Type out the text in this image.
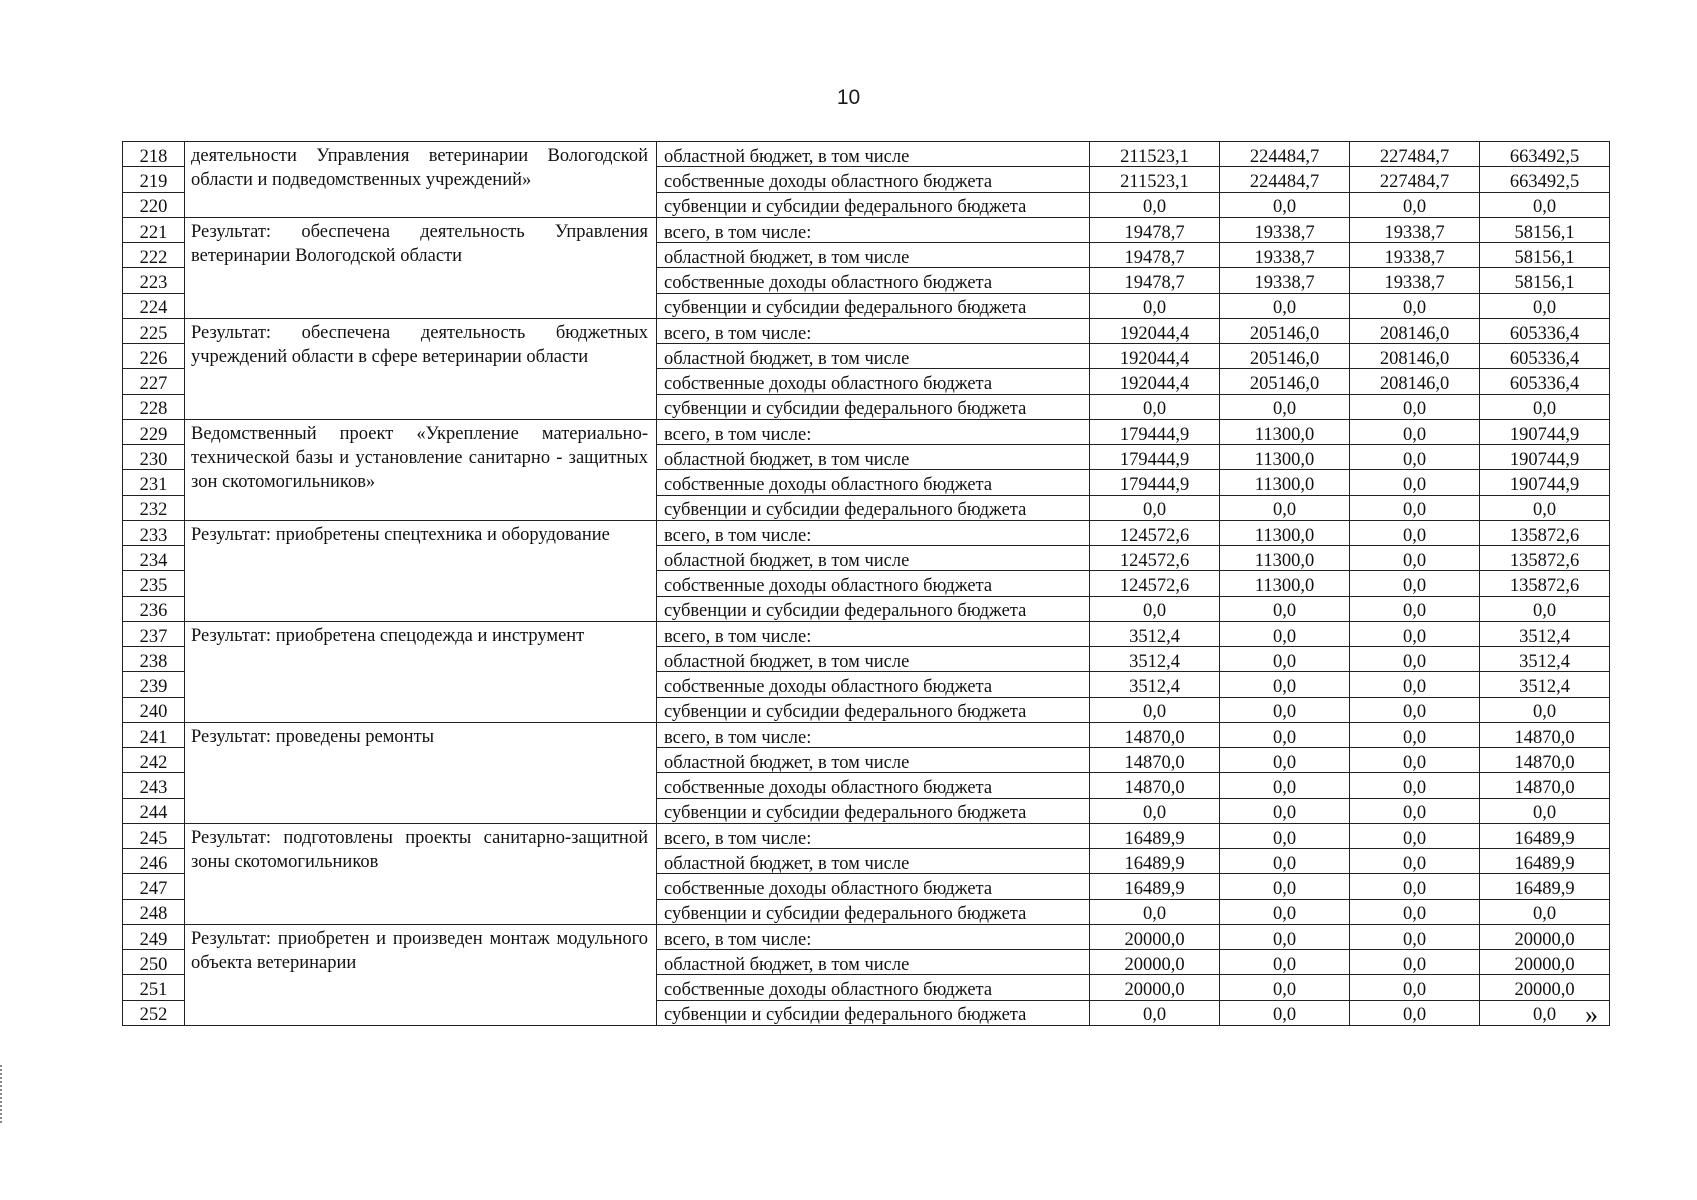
10
218	деятельности Управления ветеринарии Вологодской области и подведомственных учреждений»	областной бюджет, в том числе	211523,1	224484,7	227484,7	663492,5
219		собственные доходы областного бюджета	211523,1	224484,7	227484,7	663492,5
220		субвенции и субсидии федерального бюджета	0,0	0,0	0,0	0,0
221	Результат: обеспечена деятельность Управления ветеринарии Вологодской области	всего, в том числе:	19478,7	19338,7	19338,7	58156,1
222		областной бюджет, в том числе	19478,7	19338,7	19338,7	58156,1
223		собственные доходы областного бюджета	19478,7	19338,7	19338,7	58156,1
224		субвенции и субсидии федерального бюджета	0,0	0,0	0,0	0,0
225	Результат: обеспечена деятельность бюджетных учреждений области в сфере ветеринарии области	всего, в том числе:	192044,4	205146,0	208146,0	605336,4
226		областной бюджет, в том числе	192044,4	205146,0	208146,0	605336,4
227		собственные доходы областного бюджета	192044,4	205146,0	208146,0	605336,4
228		субвенции и субсидии федерального бюджета	0,0	0,0	0,0	0,0
229	Ведомственный проект «Укрепление материально-технической базы и установление санитарно - защитных зон скотомогильников»	всего, в том числе:	179444,9	11300,0	0,0	190744,9
230		областной бюджет, в том числе	179444,9	11300,0	0,0	190744,9
231		собственные доходы областного бюджета	179444,9	11300,0	0,0	190744,9
232		субвенции и субсидии федерального бюджета	0,0	0,0	0,0	0,0
233	Результат: приобретены спецтехника и оборудование	всего, в том числе:	124572,6	11300,0	0,0	135872,6
234		областной бюджет, в том числе	124572,6	11300,0	0,0	135872,6
235		собственные доходы областного бюджета	124572,6	11300,0	0,0	135872,6
236		субвенции и субсидии федерального бюджета	0,0	0,0	0,0	0,0
237	Результат: приобретена спецодежда и инструмент	всего, в том числе:	3512,4	0,0	0,0	3512,4
238		областной бюджет, в том числе	3512,4	0,0	0,0	3512,4
239		собственные доходы областного бюджета	3512,4	0,0	0,0	3512,4
240		субвенции и субсидии федерального бюджета	0,0	0,0	0,0	0,0
241	Результат: проведены ремонты	всего, в том числе:	14870,0	0,0	0,0	14870,0
242		областной бюджет, в том числе	14870,0	0,0	0,0	14870,0
243		собственные доходы областного бюджета	14870,0	0,0	0,0	14870,0
244		субвенции и субсидии федерального бюджета	0,0	0,0	0,0	0,0
245	Результат: подготовлены проекты санитарно-защитной зоны скотомогильников	всего, в том числе:	16489,9	0,0	0,0	16489,9
246		областной бюджет, в том числе	16489,9	0,0	0,0	16489,9
247		собственные доходы областного бюджета	16489,9	0,0	0,0	16489,9
248		субвенции и субсидии федерального бюджета	0,0	0,0	0,0	0,0
249	Результат: приобретен и произведен монтаж модульного объекта ветеринарии	всего, в том числе:	20000,0	0,0	0,0	20000,0
250		областной бюджет, в том числе	20000,0	0,0	0,0	20000,0
251		собственные доходы областного бюджета	20000,0	0,0	0,0	20000,0
252		субвенции и субсидии федерального бюджета	0,0	0,0	0,0	0,0 »
